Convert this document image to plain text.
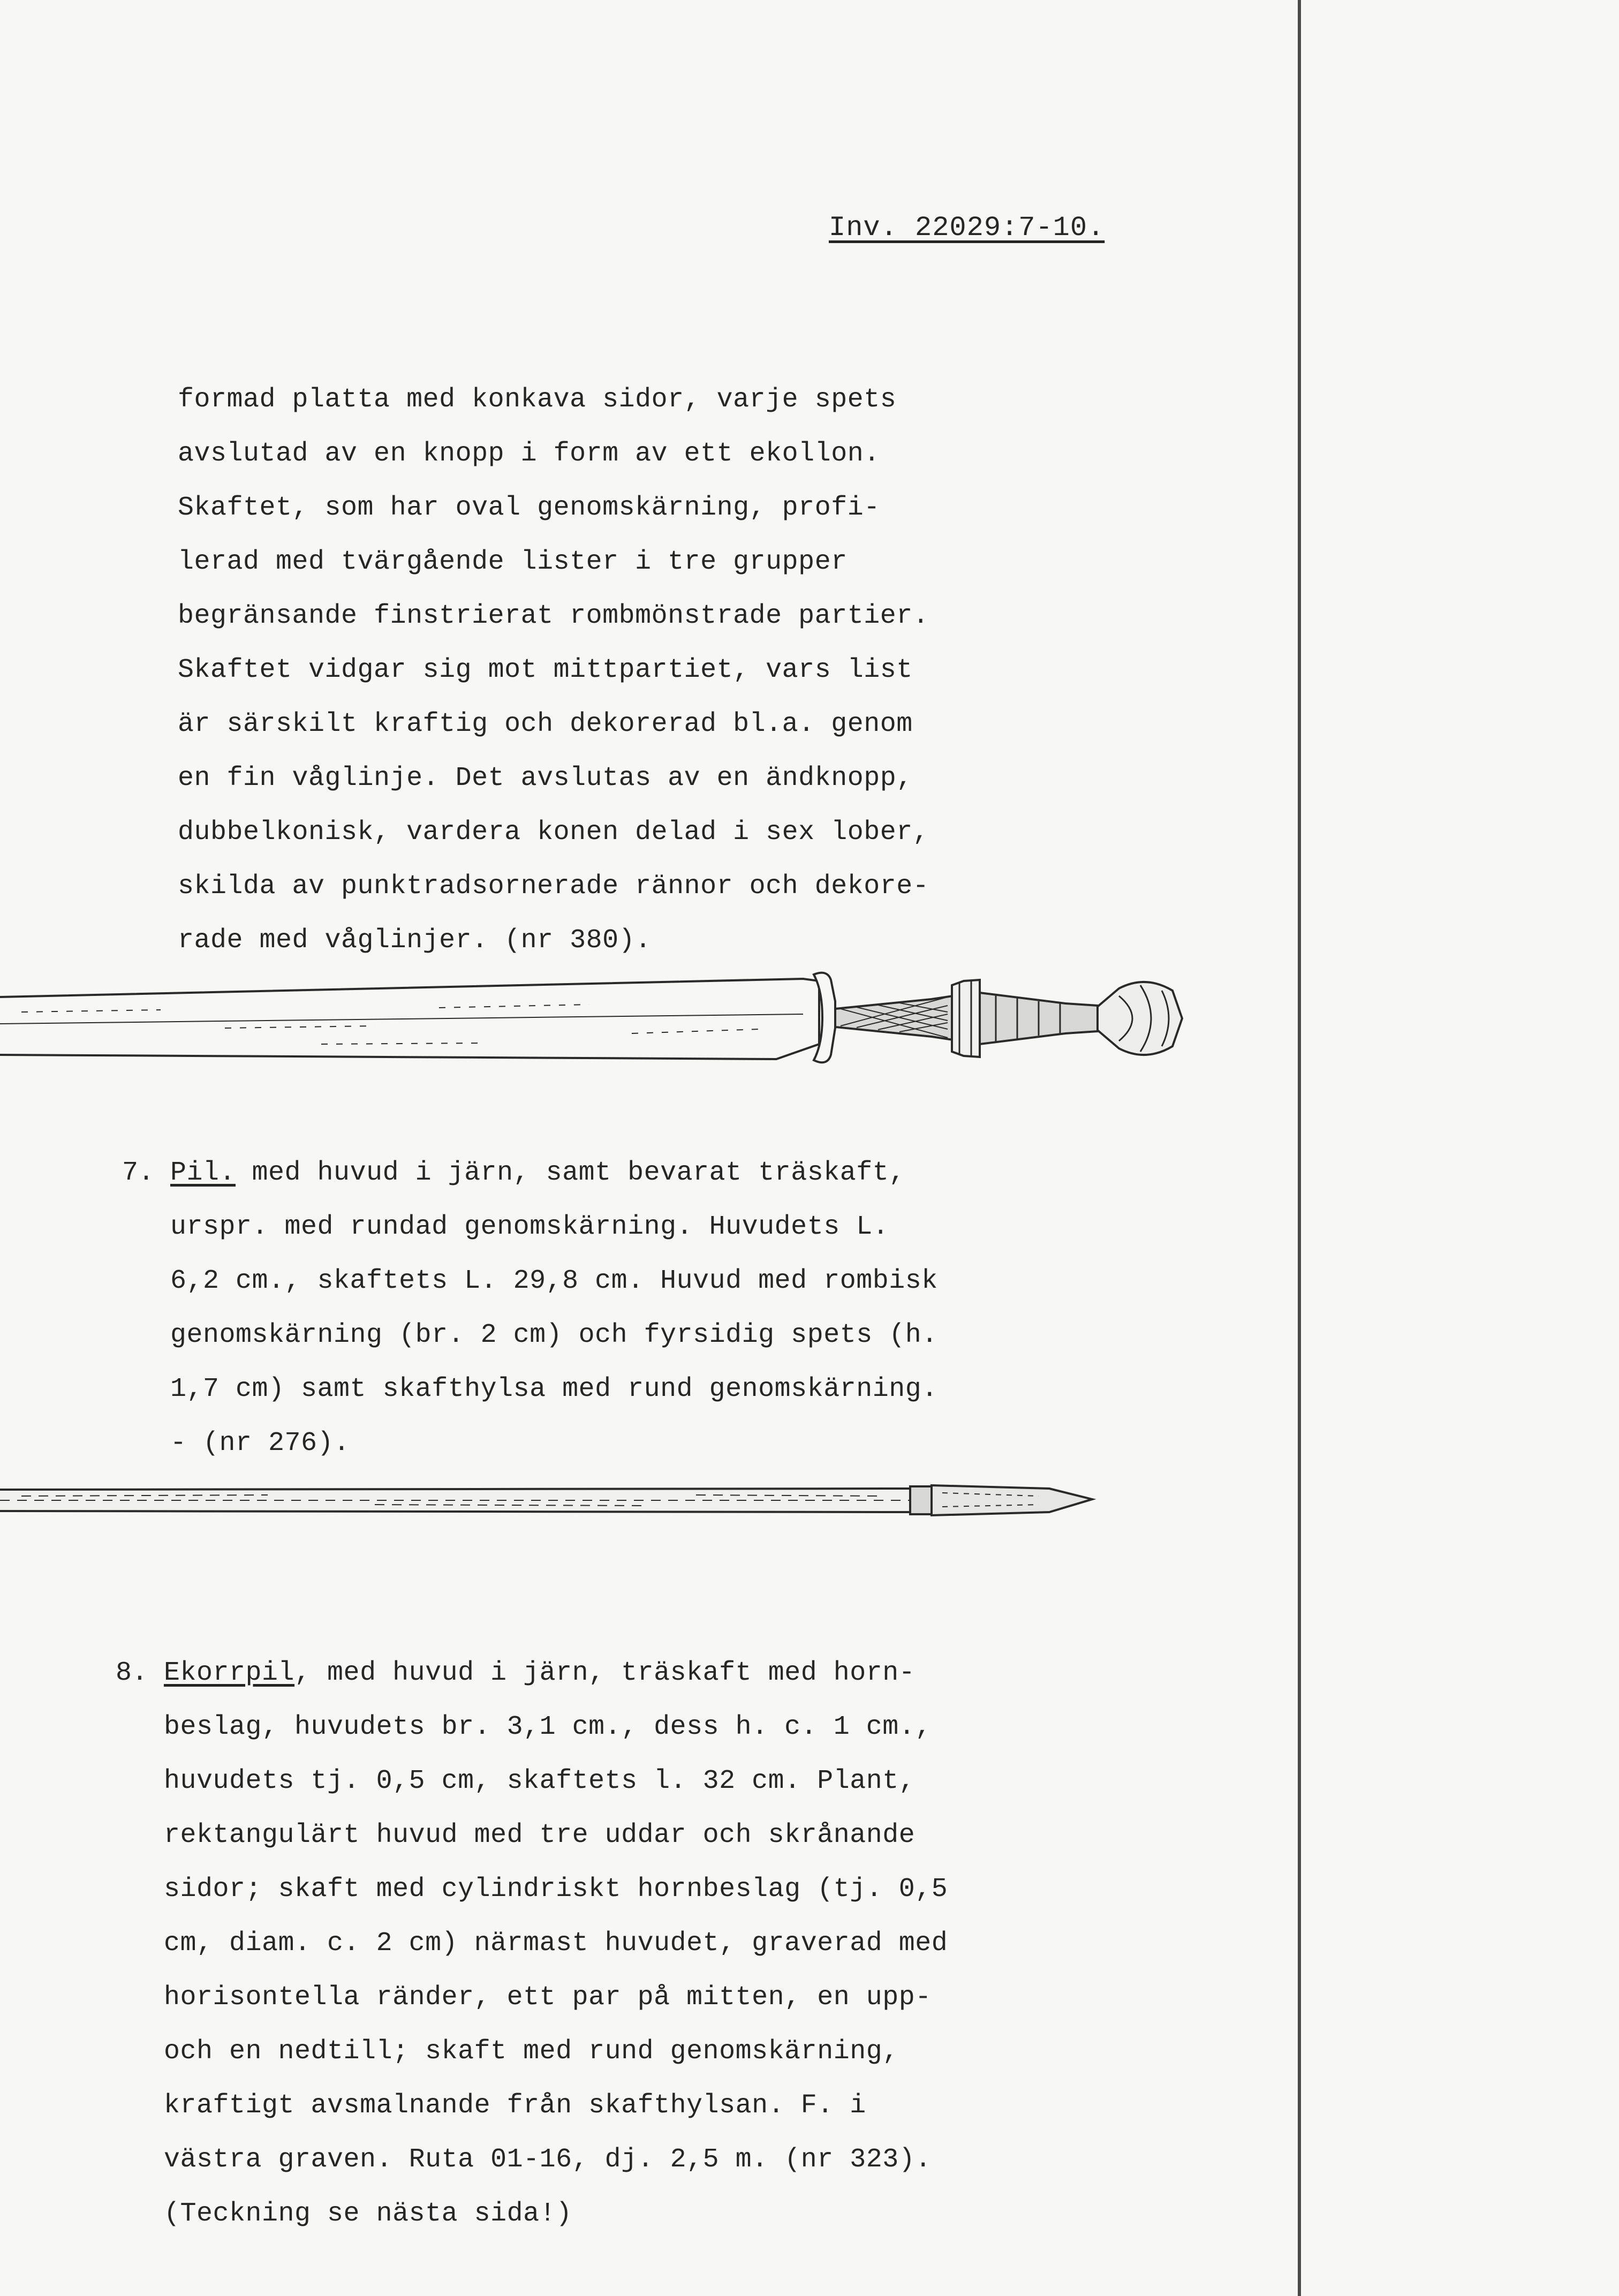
Inv. 22029:7-10.
formad platta med konkava sidor, varje spets
avslutad av en knopp i form av ett ekollon.
Skaftet, som har oval genomskärning, profi-
lerad med tvärgående lister i tre grupper
begränsande finstrierat rombmönstrade partier.
Skaftet vidgar sig mot mittpartiet, vars list
är särskilt kraftig och dekorerad bl.a. genom
en fin våglinje. Det avslutas av en ändknopp,
dubbelkonisk, vardera konen delad i sex lober,
skilda av punktradsornerade rännor och dekore-
rade med våglinjer. (nr 380).
7. Pil. med huvud i järn, samt bevarat träskaft,
urspr. med rundad genomskärning. Huvudets L.
6,2 cm., skaftets L. 29,8 cm. Huvud med rombisk
genomskärning (br. 2 cm) och fyrsidig spets (h.
1,7 cm) samt skafthylsa med rund genomskärning.
- (nr 276).
8. Ekorrpil, med huvud i järn, träskaft med horn-
beslag, huvudets br. 3,1 cm., dess h. c. 1 cm.,
huvudets tj. 0,5 cm, skaftets l. 32 cm. Plant,
rektangulärt huvud med tre uddar och skrånande
sidor; skaft med cylindriskt hornbeslag (tj. 0,5
cm, diam. c. 2 cm) närmast huvudet, graverad med
horisontella ränder, ett par på mitten, en upp-
och en nedtill; skaft med rund genomskärning,
kraftigt avsmalnande från skafthylsan. F. i
västra graven. Ruta 01-16, dj. 2,5 m. (nr 323).
(Teckning se nästa sida!)
